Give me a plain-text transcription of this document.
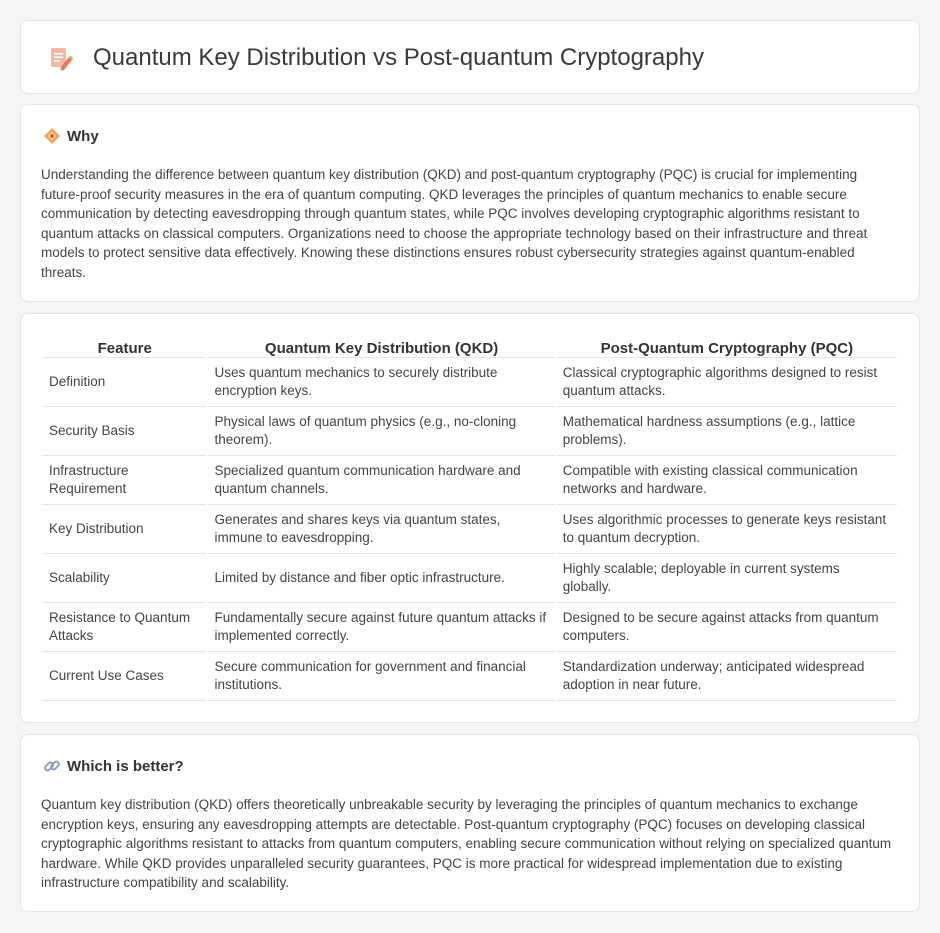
Quantum Key Distribution vs Post-quantum Cryptography
Why

Understanding the difference between quantum key distribution (QKD) and post-quantum cryptography (PQC) is crucial for implementing future-proof security measures in the era of quantum computing. QKD leverages the principles of quantum mechanics to enable secure communication by detecting eavesdropping through quantum states, while PQC involves developing cryptographic algorithms resistant to quantum attacks on classical computers. Organizations need to choose the appropriate technology based on their infrastructure and threat models to protect sensitive data effectively. Knowing these distinctions ensures robust cybersecurity strategies against quantum-enabled threats.

Feature	Quantum Key Distribution (QKD)	Post-Quantum Cryptography (PQC)
Definition	Uses quantum mechanics to securely distribute encryption keys.	Classical cryptographic algorithms designed to resist quantum attacks.
Security Basis	Physical laws of quantum physics (e.g., no-cloning theorem).	Mathematical hardness assumptions (e.g., lattice problems).
Infrastructure Requirement	Specialized quantum communication hardware and quantum channels.	Compatible with existing classical communication networks and hardware.
Key Distribution	Generates and shares keys via quantum states, immune to eavesdropping.	Uses algorithmic processes to generate keys resistant to quantum decryption.
Scalability	Limited by distance and fiber optic infrastructure.	Highly scalable; deployable in current systems globally.
Resistance to Quantum Attacks	Fundamentally secure against future quantum attacks if implemented correctly.	Designed to be secure against attacks from quantum computers.
Current Use Cases	Secure communication for government and financial institutions.	Standardization underway; anticipated widespread adoption in near future.
Which is better?

Quantum key distribution (QKD) offers theoretically unbreakable security by leveraging the principles of quantum mechanics to exchange encryption keys, ensuring any eavesdropping attempts are detectable. Post-quantum cryptography (PQC) focuses on developing classical cryptographic algorithms resistant to attacks from quantum computers, enabling secure communication without relying on specialized quantum hardware. While QKD provides unparalleled security guarantees, PQC is more practical for widespread implementation due to existing infrastructure compatibility and scalability.
